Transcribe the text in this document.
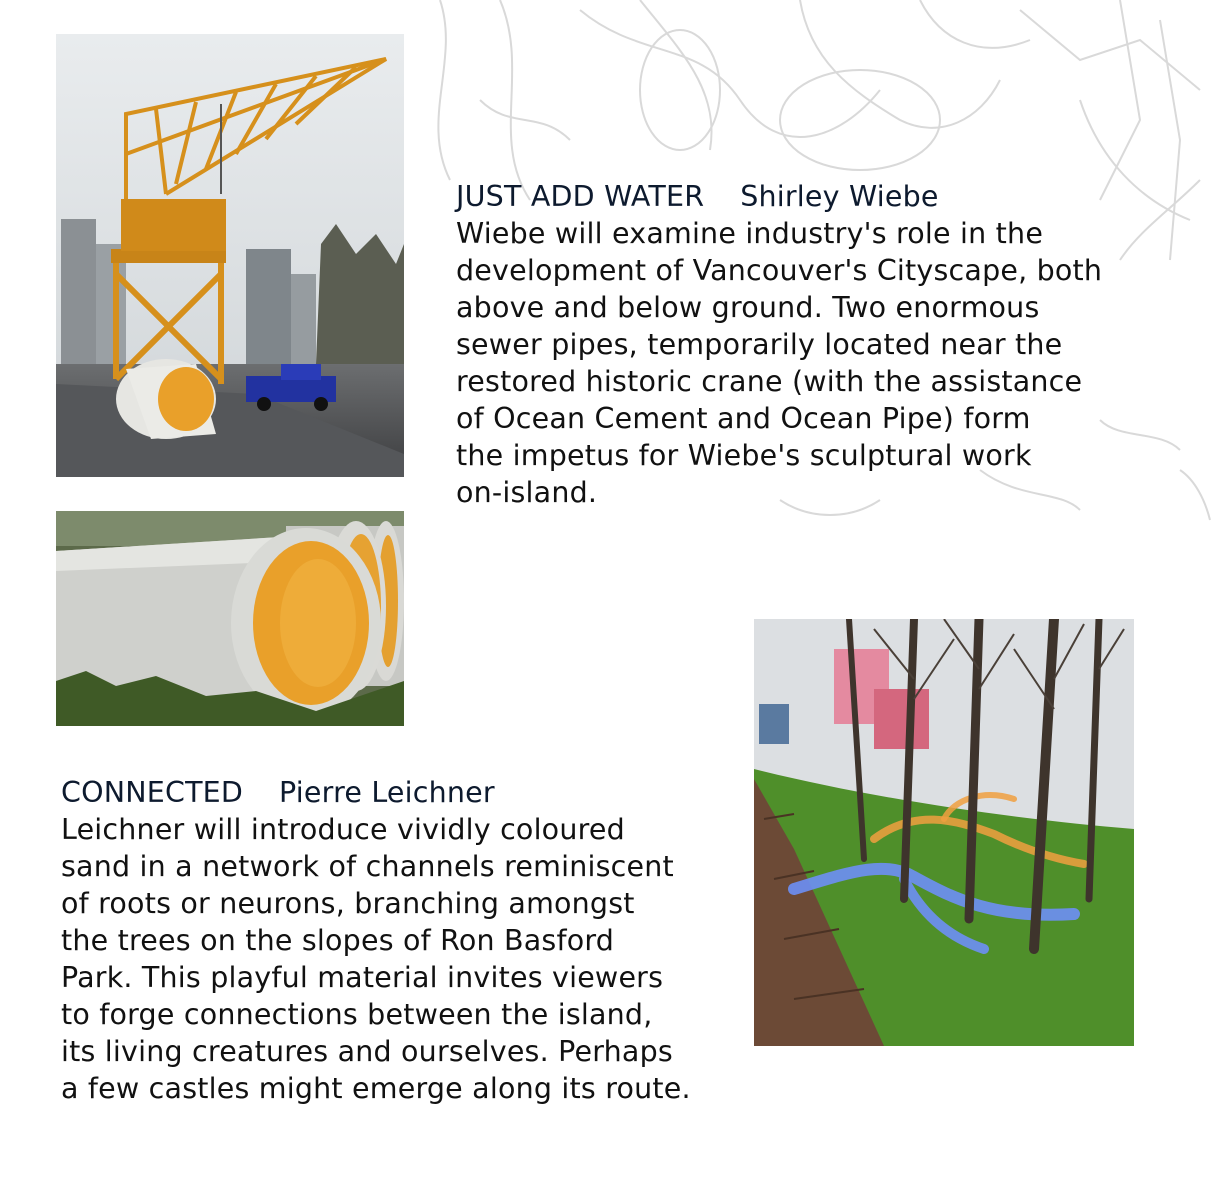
JUST ADD WATER Shirley Wiebe
Wiebe will examine industry's role in the
development of Vancouver's Cityscape, both
above and below ground. Two enormous
sewer pipes, temporarily located near the
restored historic crane (with the assistance
of Ocean Cement and Ocean Pipe) form
the impetus for Wiebe's sculptural work
on-island.
CONNECTED Pierre Leichner
Leichner will introduce vividly coloured
sand in a network of channels reminiscent
of roots or neurons, branching amongst
the trees on the slopes of Ron Basford
Park. This playful material invites viewers
to forge connections between the island,
its living creatures and ourselves. Perhaps
a few castles might emerge along its route.
